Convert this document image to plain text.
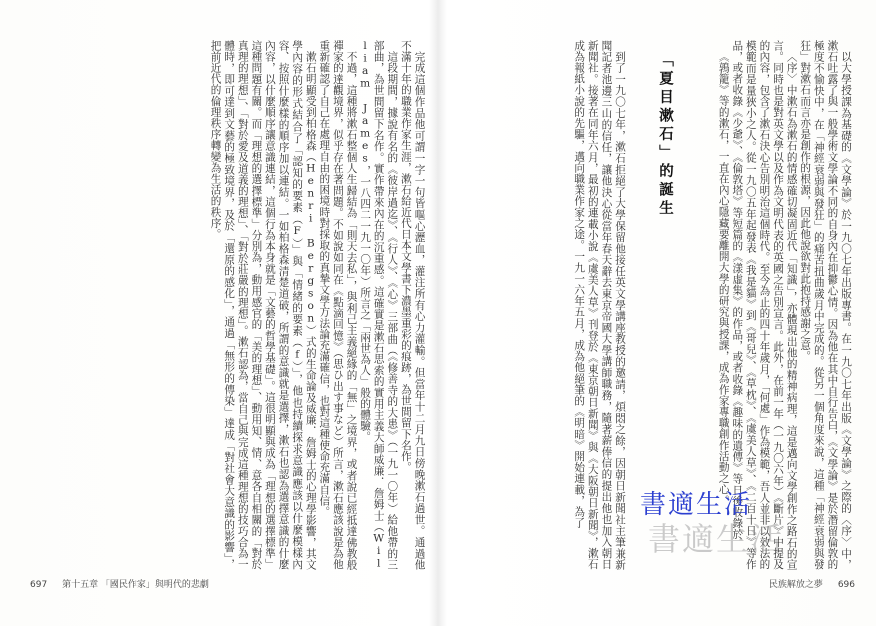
完成這個作品他可謂一字一句皆嘔心瀝血，灌注所有心力灌輸。但當年十二月九日傍晚漱石過世。通過他不滿十年的職業作家生涯，漱石給近代日本文學書下濃墨重彩的痕跡，為世間留下名作。

這段期間，據說有名的《彼岸過迄》、《行人》、《心》三部曲（《修善寺的大患》（一九一〇年）給他帶的三部曲，為世間留下名作。實作帶來內在的沉重感。這確實是漱石思索的實用主義大師威廉．詹姆士（William James，一八四二一九一〇年）所言之「兩世為人」般的體驗。

不過，這種將漱石整個人生歸結為「則天去私」，與利己主義絕緣的「無」之境界，或者說已經抵達佛教般禪家的達觀境界，似乎存在著問題。不如說如同在《點滴回憶》（思ひ出す事など）所言，漱石應該說是為他重新確認了自己在處理自由的困境時對採取的真摯文學方法論充滿確信，也對這種使命充滿自信。

漱石明顯受到柏格森（Henri Bergson）式的生命論及威廉．詹姆士的心理學影響，其文學內容的形式結合了「認知的要素（F）」與「情緒的要素（f）」，他也持續探求意識應該以什麼模樣內容、按照什麼樣的順序加以連結。一如柏格森清楚道破，所謂的意識就是選擇，漱石也認為選擇意識的什麼內容，以什麼順序讓意識連結，這個行為本身就是「文藝的哲學基礎」。這很明顯與成為「理想的選擇標準」這種問題有關。而「理想的選擇標準」分別為，動用感官的「美的理想」、動用知、情、意各自相關的「對於真理的理想」、「對於愛及道義的理想」、「對於莊嚴的理想」。漱石認為，當自己與完成這種理想的技巧合為一體時，即可達到文藝的極致境界，及於「還原的感化」，通過「無形的傳染」達成「對社會大意識的影響」，把前近代的倫理秩序轉變為生活的秩序。	以大學授課為基礎的《文學論》於一九〇七年出版專書。在一九〇七年出版《文學論》之際的〈序〉中，漱石吐露了與一般學術文學論不同的自身內在抑鬱心情。因為他在其中自行告白，《文學論》是於潛留倫敦的極度不愉快中，在「神經衰弱與發狂」的痛苦扭曲歲月中完成的。從另一個角度來說，這種「神經衰弱與發狂」對漱石而言亦是創作的根源，因此他說欲對此抱持感謝之意。

〈序〉中漱石為漱石的情感確切凝固近代「知識」，亦體現出他的精神病理，這是邁向文學創作之路石的宣言。同時也是對英文學以及作為文明代表的英國之告別宣言。此外，在前一年（一九〇六年）《斷片》中提及的內容，包含了漱石決心告別明治這個時代。至今為止的四十年歲月，「何處」作為模範，吾人並非以效法的模範而是量狹小之人。從一九〇五年起發表《我是貓》到《哥兒》、《草枕》、《虞美人草》、《二百十日》等作品，或者收錄《少爺》、《倫敦塔》等短篇的《漾虛集》的作品，或者收錄《趣味的遺傳》等日後收錄於

《鶉籠》等的漱石，一直在內心隱藏要離開大學的研究與授課，成為作家專職創作活動之心。

「夏目漱石」的誕生

到了一九〇七年，漱石拒絕了大學保留他接任英文學講座教授的邀請，煩悶之餘，因朝日新聞社主筆兼新聞記者池邊三山的信任，讓他決心從當年春天辭去東京帝國大學講師職務，隨著薪俸信的提出他也加入朝日新聞社。接著在同年六月，最初的連載小說《虞美人草》刊登於《東京朝日新聞》與《大阪朝日新聞》，漱石成為報紙小說的先驅，邁向職業作家之途。一九一六年五月，成為他絕筆的《明暗》開始連載，為了

697 第十五章 「國民作家」與明代的悲劇	民族解放之夢 696
書適生活
書適生活
